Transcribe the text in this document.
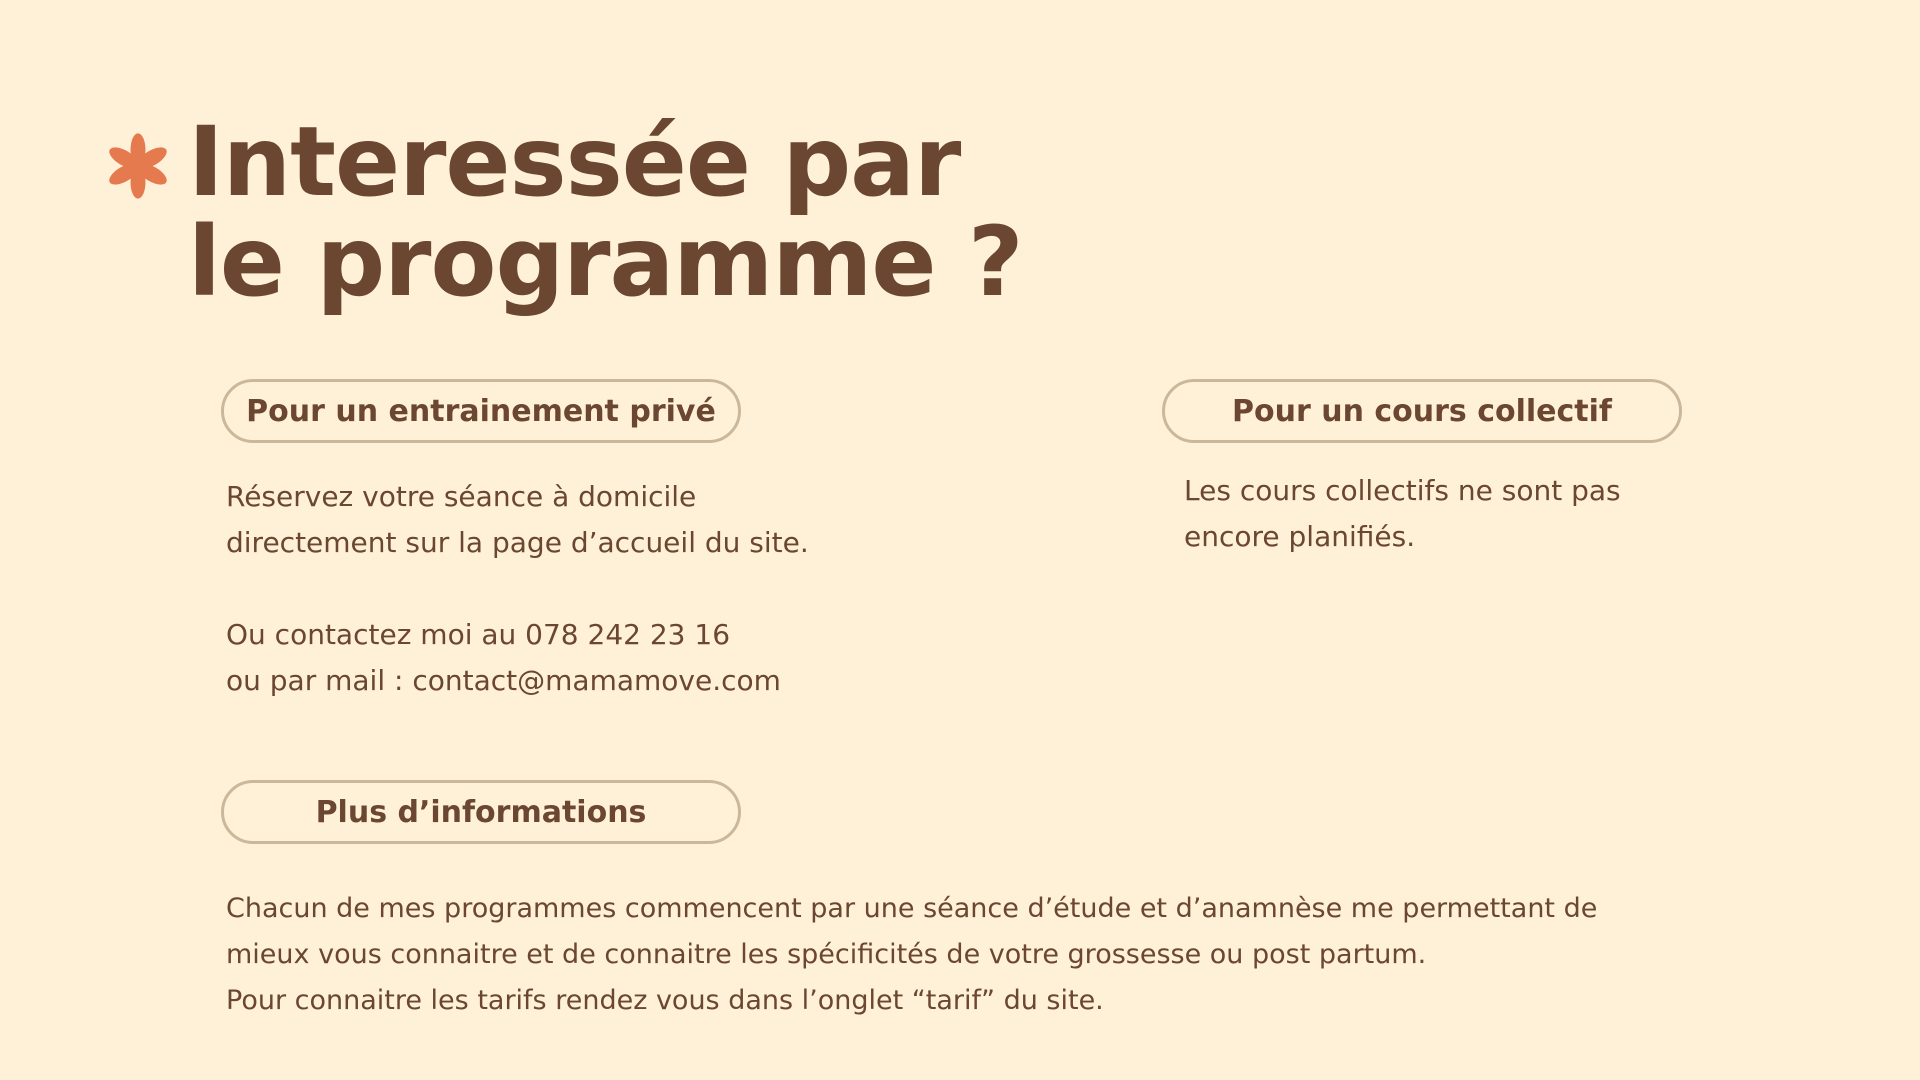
Interessée par
le programme ?
Pour un entrainement privé

Réservez votre séance à domicile

directement sur la page d’accueil du site.

Ou contactez moi au 078 242 23 16

ou par mail : contact@mamamove.com

Pour un cours collectif

Les cours collectifs ne sont pas

encore planifiés.

Plus d’informations

Chacun de mes programmes commencent par une séance d’étude et d’anamnèse me permettant de

mieux vous connaitre et de connaitre les spécificités de votre grossesse ou post partum.

Pour connaitre les tarifs rendez vous dans l’onglet “tarif” du site.
